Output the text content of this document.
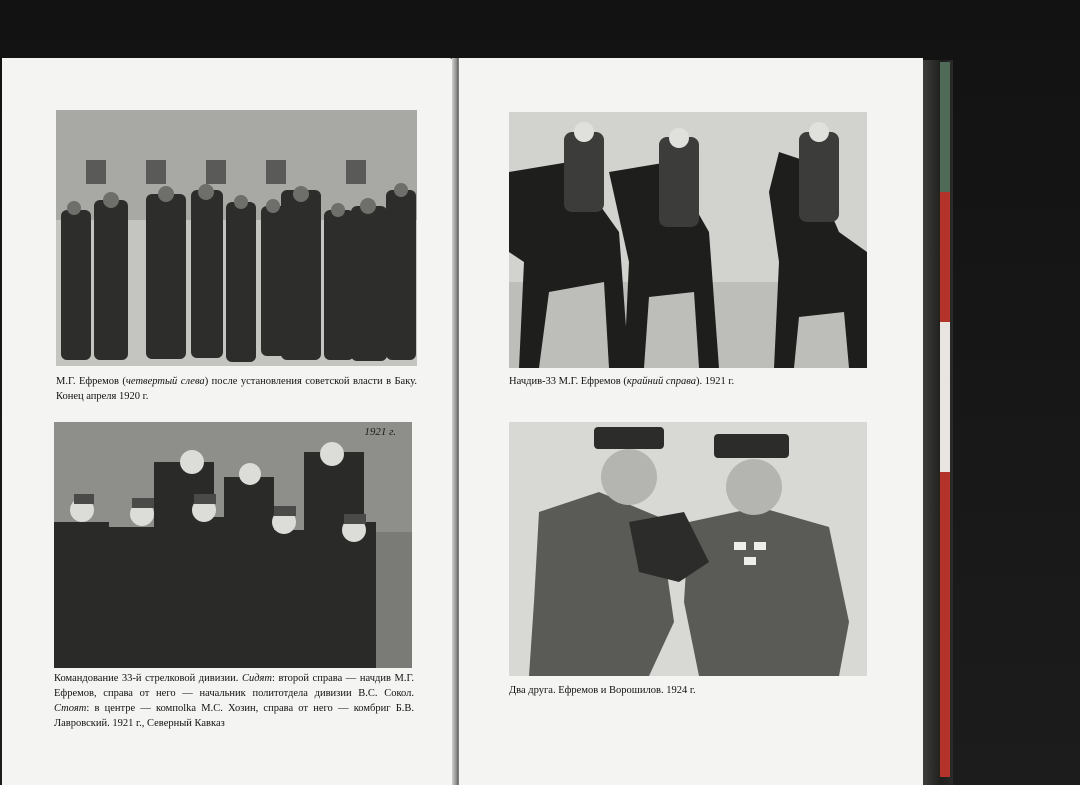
М.Г. Ефремов (четвертый слева) после установления советской власти в Баку. Конец апреля 1920 г.
1921 г.
Командование 33-й стрелковой дивизии. Сидят: второй справа — начдив М.Г. Ефремов, справа от него — начальник политотдела дивизии В.С. Сокол. Стоят: в центре — компolka М.С. Хозин, справа от него — комбриг Б.В. Лавровский. 1921 г., Северный Кавказ
Начдив-33 М.Г. Ефремов (крайний справа). 1921 г.
Два друга. Ефремов и Ворошилов. 1924 г.
